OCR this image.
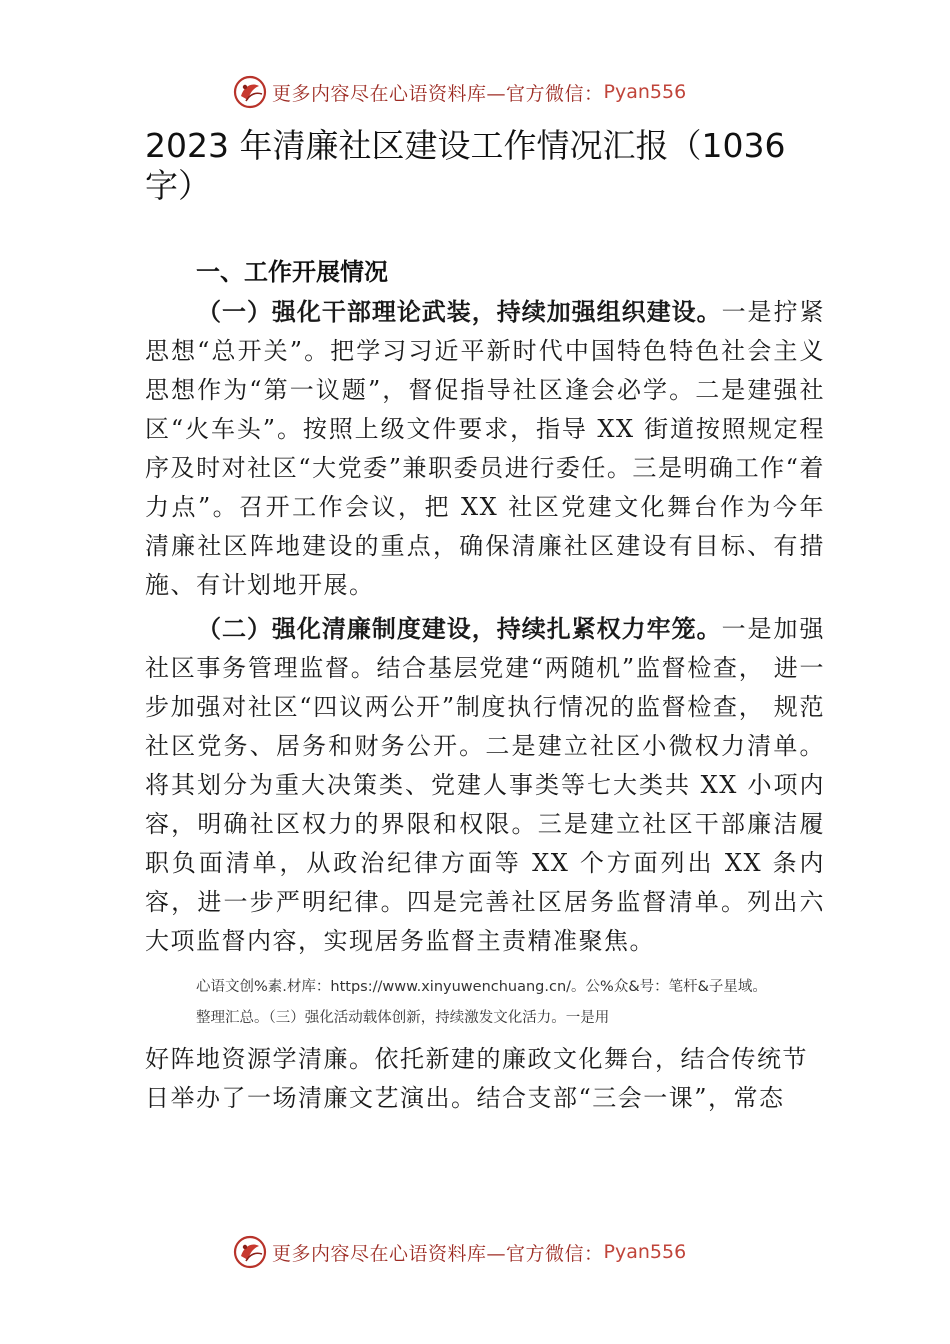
更多内容尽在心语资料库—官方微信： Pyan556
2023 年清廉社区建设工作情况汇报（1036字）
一、工作开展情况

（一）强化干部理论武装，持续加强组织建设。一是拧紧思想“总开关”。把学习习近平新时代中国特色特色社会主义思想作为“第一议题”，督促指导社区逢会必学。二是建强社区“火车头”。按照上级文件要求，指导 XX 街道按照规定程序及时对社区“大党委”兼职委员进行委任。三是明确工作“着力点”。召开工作会议，把 XX 社区党建文化舞台作为今年清廉社区阵地建设的重点，确保清廉社区建设有目标、有措施、有计划地开展。

（二）强化清廉制度建设，持续扎紧权力牢笼。一是加强社区事务管理监督。结合基层党建“两随机”监督检查， 进一步加强对社区“四议两公开”制度执行情况的监督检查， 规范社区党务、居务和财务公开。二是建立社区小微权力清单。将其划分为重大决策类、党建人事类等七大类共 XX 小项内容，明确社区权力的界限和权限。三是建立社区干部廉洁履职负面清单，从政治纪律方面等 XX 个方面列出 XX 条内容，进一步严明纪律。四是完善社区居务监督清单。列出六大项监督内容，实现居务监督主责精准聚焦。

心语文创%素.材库：https://www.xinyuwenchuang.cn/。公%众&号：笔杆&子星域。
整理汇总。（三）强化活动载体创新，持续激发文化活力。一是用

好阵地资源学清廉。依托新建的廉政文化舞台，结合传统节日举办了一场清廉文艺演出。结合支部“三会一课”，常态

更多内容尽在心语资料库—官方微信： Pyan556
